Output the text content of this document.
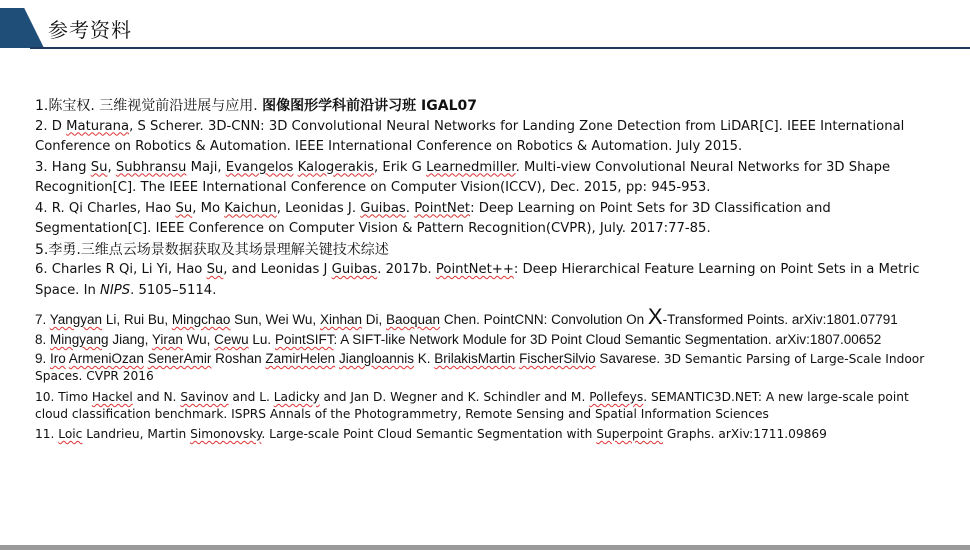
参考资料
1.陈宝权. 三维视觉前沿进展与应用. 图像图形学科前沿讲习班 IGAL07
2. D Maturana, S Scherer. 3D-CNN: 3D Convolutional Neural Networks for Landing Zone Detection from LiDAR[C]. IEEE International Conference on Robotics & Automation. IEEE International Conference on Robotics & Automation. July 2015.
3. Hang Su, Subhransu Maji, Evangelos Kalogerakis, Erik G Learnedmiller. Multi-view Convolutional Neural Networks for 3D Shape Recognition[C]. The IEEE International Conference on Computer Vision(ICCV), Dec. 2015, pp: 945-953.
4. R. Qi Charles, Hao Su, Mo Kaichun, Leonidas J. Guibas. PointNet: Deep Learning on Point Sets for 3D Classification and Segmentation[C]. IEEE Conference on Computer Vision & Pattern Recognition(CVPR), July. 2017:77-85.
5.李勇.三维点云场景数据获取及其场景理解关键技术综述
6. Charles R Qi, Li Yi, Hao Su, and Leonidas J Guibas. 2017b. PointNet++: Deep Hierarchical Feature Learning on Point Sets in a Metric Space. In NIPS. 5105–5114.
7. Yangyan Li, Rui Bu, Mingchao Sun, Wei Wu, Xinhan Di, Baoquan Chen. PointCNN: Convolution On X-Transformed Points. arXiv:1801.07791
8. Mingyang Jiang, Yiran Wu, Cewu Lu. PointSIFT: A SIFT-like Network Module for 3D Point Cloud Semantic Segmentation. arXiv:1807.00652
9. Iro ArmeniOzan SenerAmir Roshan ZamirHelen Jiangloannis K. BrilakisMartin FischerSilvio Savarese. 3D Semantic Parsing of Large-Scale Indoor Spaces. CVPR 2016
10. Timo Hackel and N. Savinov and L. Ladicky and Jan D. Wegner and K. Schindler and M. Pollefeys. SEMANTIC3D.NET: A new large-scale point cloud classification benchmark. ISPRS Annals of the Photogrammetry, Remote Sensing and Spatial Information Sciences
11. Loic Landrieu, Martin Simonovsky. Large-scale Point Cloud Semantic Segmentation with Superpoint Graphs. arXiv:1711.09869
